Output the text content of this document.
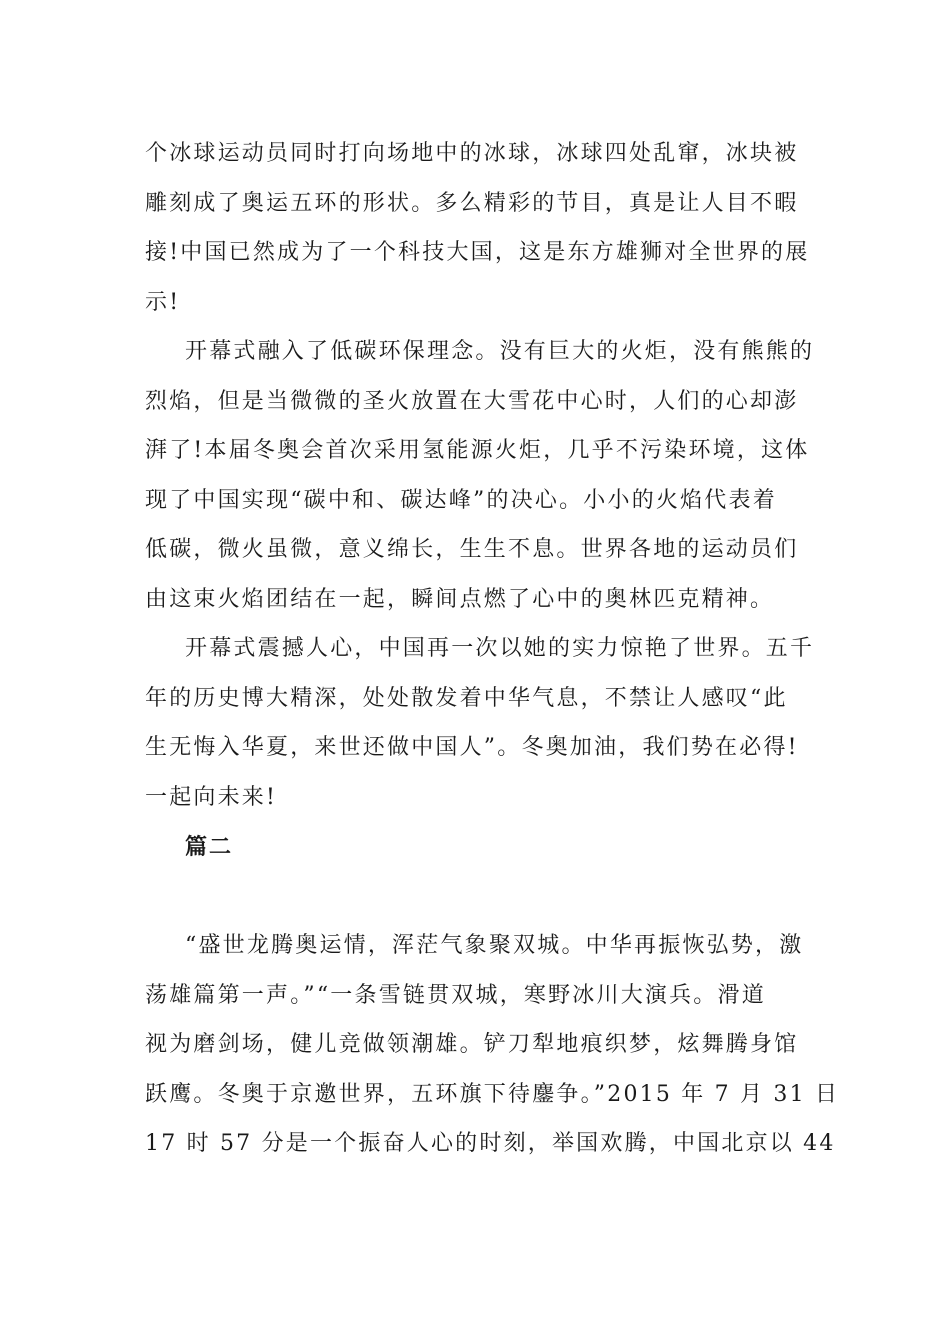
个冰球运动员同时打向场地中的冰球，冰球四处乱窜，冰块被
雕刻成了奥运五环的形状。多么精彩的节目，真是让人目不暇
接!中国已然成为了一个科技大国，这是东方雄狮对全世界的展
示!
开幕式融入了低碳环保理念。没有巨大的火炬，没有熊熊的
烈焰，但是当微微的圣火放置在大雪花中心时，人们的心却澎
湃了!本届冬奥会首次采用氢能源火炬，几乎不污染环境，这体
现了中国实现“碳中和、碳达峰”的决心。小小的火焰代表着
低碳，微火虽微，意义绵长，生生不息。世界各地的运动员们
由这束火焰团结在一起，瞬间点燃了心中的奥林匹克精神。
开幕式震撼人心，中国再一次以她的实力惊艳了世界。五千
年的历史博大精深，处处散发着中华气息，不禁让人感叹“此
生无悔入华夏，来世还做中国人”。冬奥加油，我们势在必得!
一起向未来!
篇二
“盛世龙腾奥运情，浑茫气象聚双城。中华再振恢弘势，激
荡雄篇第一声。”“一条雪链贯双城，寒野冰川大演兵。滑道
视为磨剑场，健儿竞做领潮雄。铲刀犁地痕织梦，炫舞腾身馆
跃鹰。冬奥于京邀世界，五环旗下待鏖争。”2015 年 7 月 31 日
17 时 57 分是一个振奋人心的时刻，举国欢腾，中国北京以 44
